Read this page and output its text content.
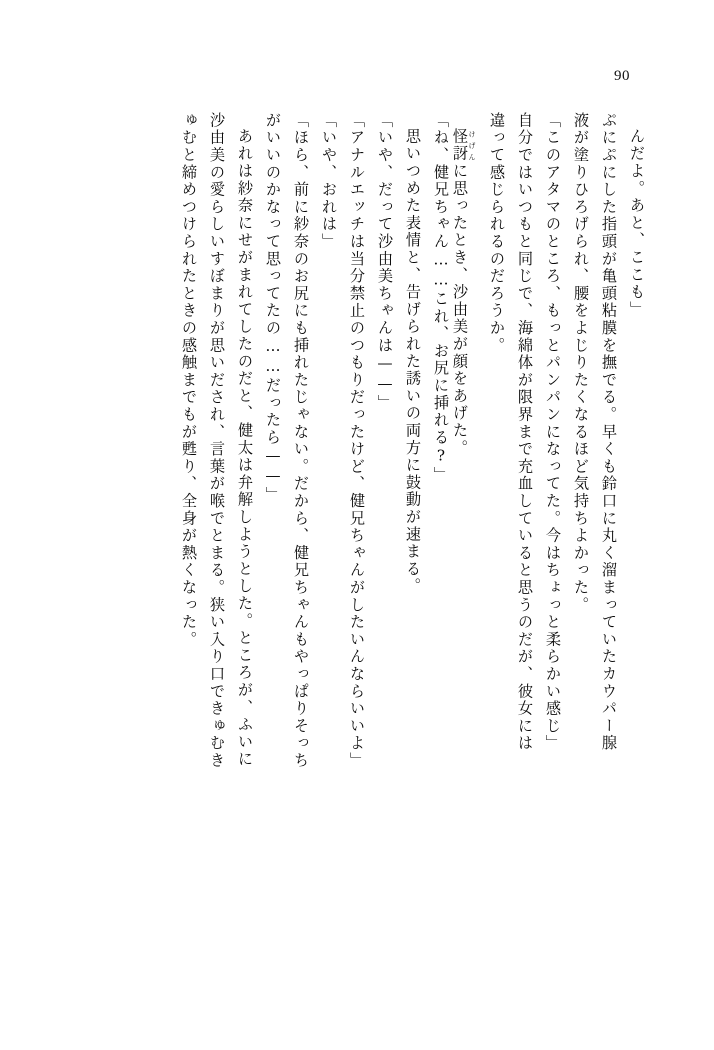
90
んだよ。あと、ここも」
ぷにぷにした指頭が亀頭粘膜を撫でる。早くも鈴口に丸く溜まっていたカウパー腺
液が塗りひろげられ、腰をよじりたくなるほど気持ちよかった。
「このアタマのところ、もっとパンパンになってた。今はちょっと柔らかい感じ」
自分ではいつもと同じで、海綿体が限界まで充血していると思うのだが、彼女には
違って感じられるのだろうか。
怪訝 けげんに思ったとき、沙由美が顔をあげた。
「ね、健兄ちゃん……これ、お尻に挿れる?」
思いつめた表情と、告げられた誘いの両方に鼓動が速まる。
「いや、だって沙由美ちゃんは——」
「アナルエッチは当分禁止のつもりだったけど、健兄ちゃんがしたいんならいいよ」
「いや、おれは」
「ほら、前に紗奈のお尻にも挿れたじゃない。だから、健兄ちゃんもやっぱりそっち
がいいのかなって思ってたの……だったら——」
あれは紗奈にせがまれてしたのだと、健太は弁解しようとした。ところが、ふいに
沙由美の愛らしいすぼまりが思いだされ、言葉が喉でとまる。狭い入り口できゅむき
ゅむと締めつけられたときの感触までもが甦り、全身が熱くなった。
